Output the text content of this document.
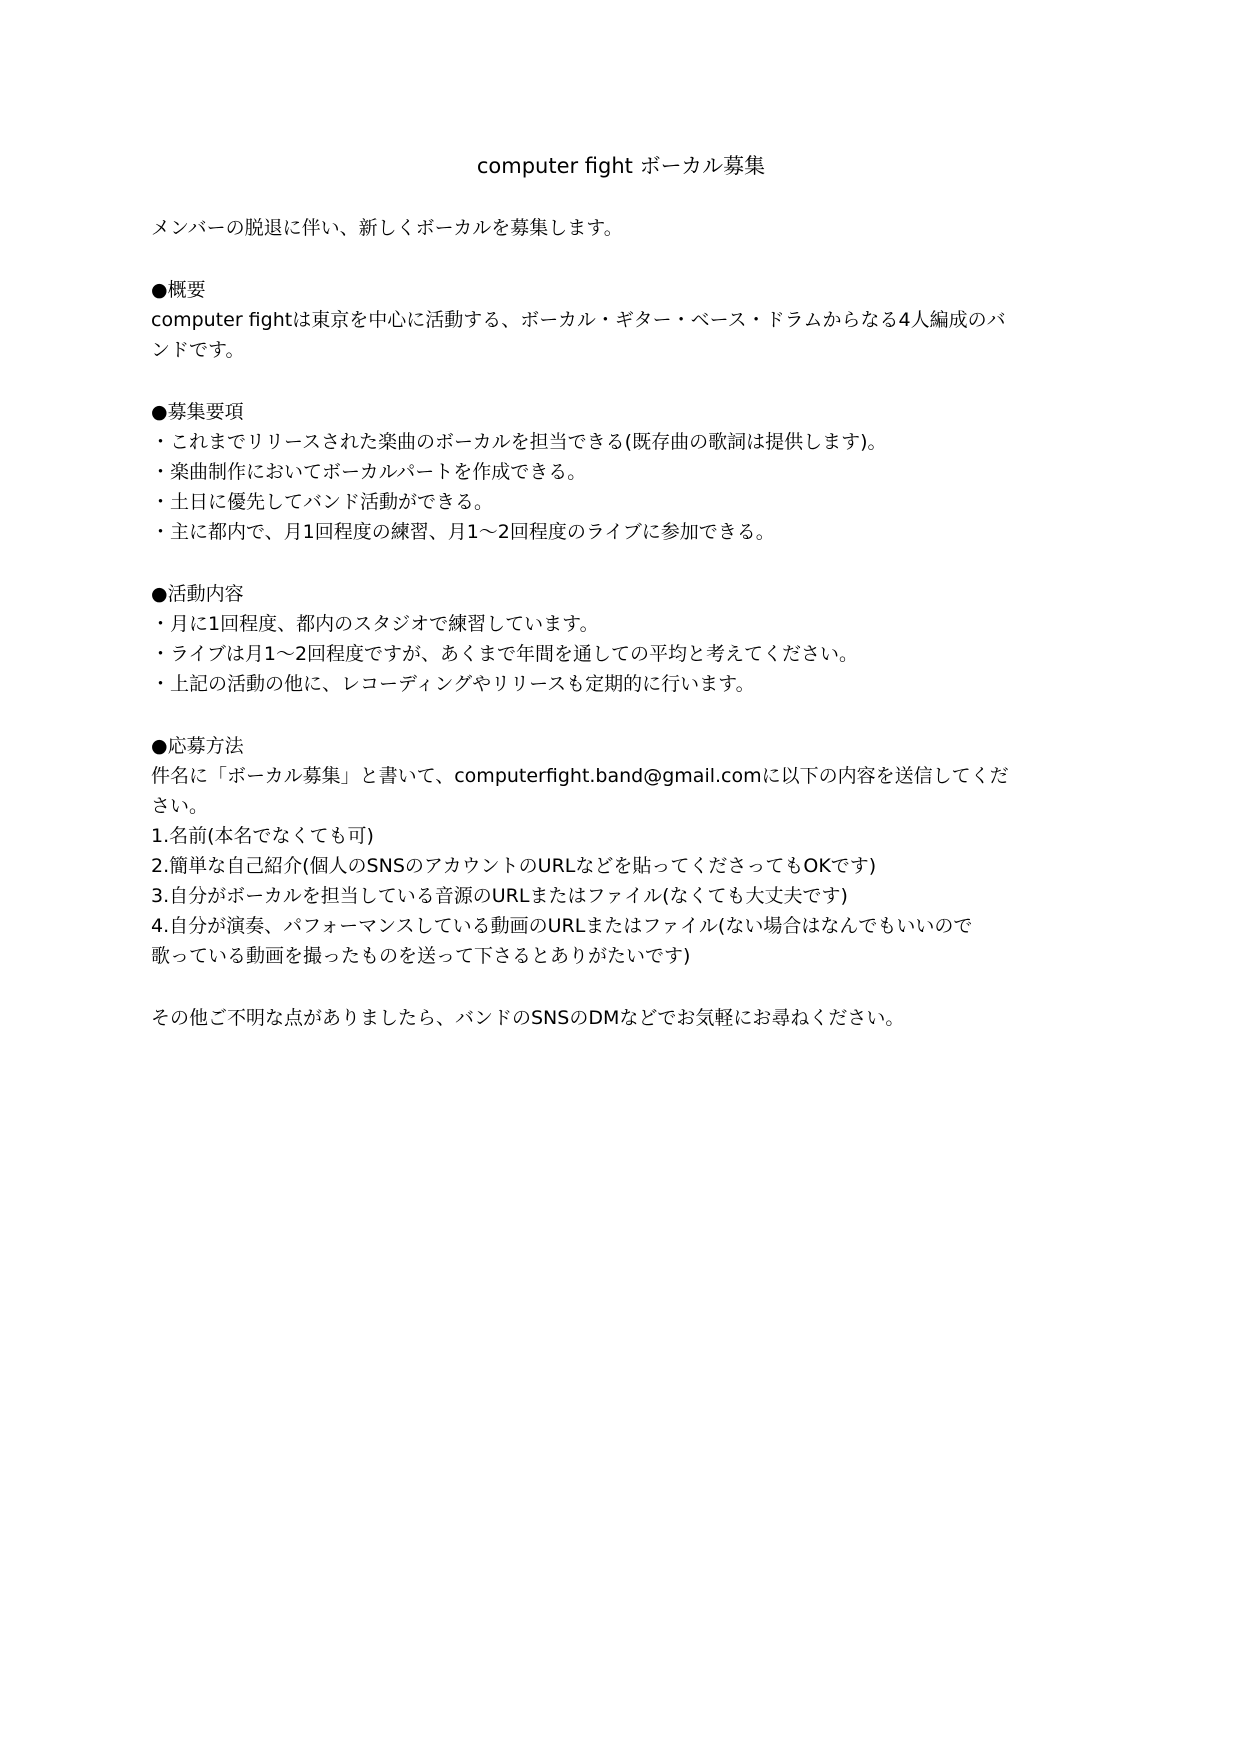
computer fight ボーカル募集
メンバーの脱退に伴い、新しくボーカルを募集します。
●概要
computer fightは東京を中心に活動する、ボーカル・ギター・ベース・ドラムからなる4人編成のバ
ンドです。
●募集要項
・これまでリリースされた楽曲のボーカルを担当できる(既存曲の歌詞は提供します)。
・楽曲制作においてボーカルパートを作成できる。
・土日に優先してバンド活動ができる。
・主に都内で、月1回程度の練習、月1～2回程度のライブに参加できる。
●活動内容
・月に1回程度、都内のスタジオで練習しています。
・ライブは月1～2回程度ですが、あくまで年間を通しての平均と考えてください。
・上記の活動の他に、レコーディングやリリースも定期的に行います。
●応募方法
件名に「ボーカル募集」と書いて、computerfight.band@gmail.comに以下の内容を送信してくだ
さい。
1.名前(本名でなくても可)
2.簡単な自己紹介(個人のSNSのアカウントのURLなどを貼ってくださってもOKです)
3.自分がボーカルを担当している音源のURLまたはファイル(なくても大丈夫です)
4.自分が演奏、パフォーマンスしている動画のURLまたはファイル(ない場合はなんでもいいので
歌っている動画を撮ったものを送って下さるとありがたいです)
その他ご不明な点がありましたら、バンドのSNSのDMなどでお気軽にお尋ねください。
